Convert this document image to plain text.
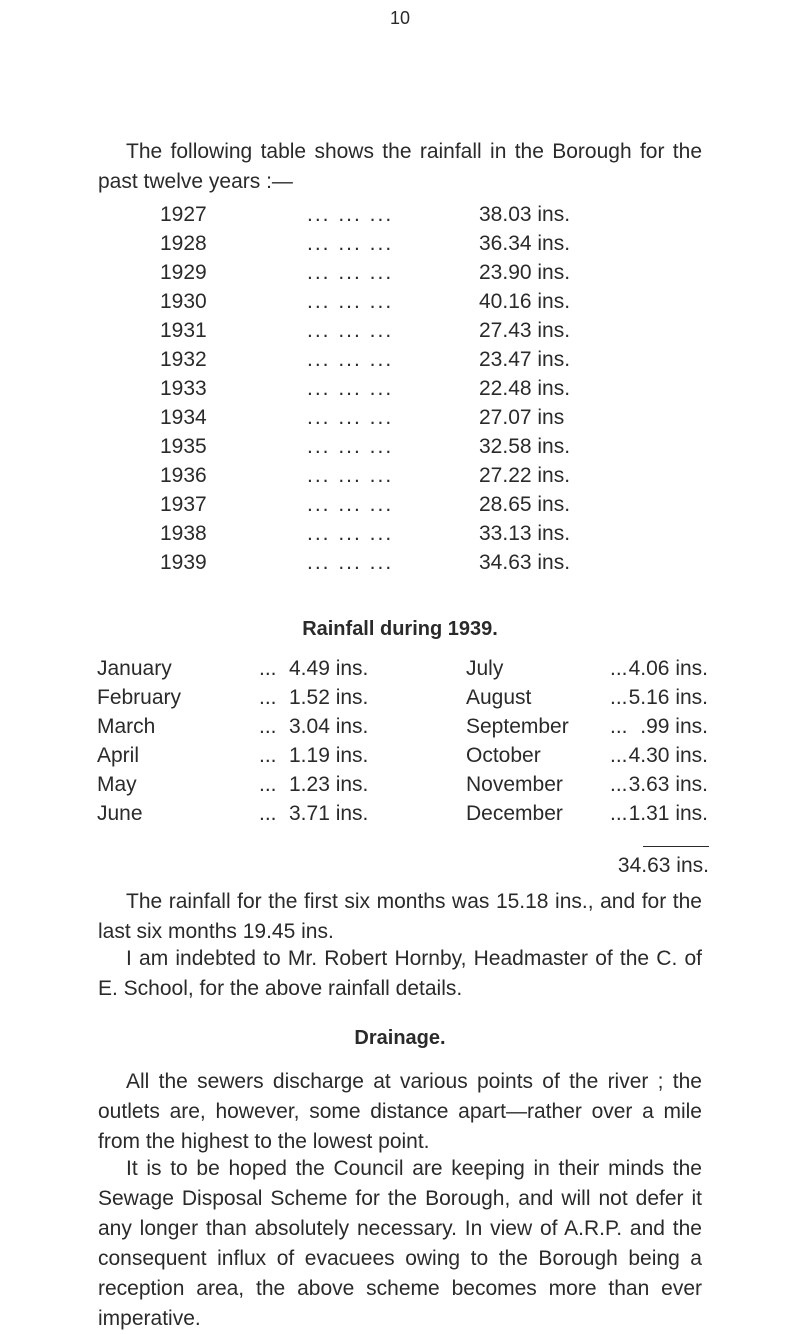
10
The following table shows the rainfall in the Borough for the past twelve years :—
1927	... ... ...	38.03 ins.
1928	... ... ...	36.34 ins.
1929	... ... ...	23.90 ins.
1930	... ... ...	40.16 ins.
1931	... ... ...	27.43 ins.
1932	... ... ...	23.47 ins.
1933	... ... ...	22.48 ins.
1934	... ... ...	27.07 ins
1935	... ... ...	32.58 ins.
1936	... ... ...	27.22 ins.
1937	... ... ...	28.65 ins.
1938	... ... ...	33.13 ins.
1939	... ... ...	34.63 ins.
Rainfall during 1939.
January	... 4.49 ins.	July	... 4.06 ins.
February	... 1.52 ins.	August	... 5.16 ins.
March	... 3.04 ins.	September ... .99 ins.
April	... 1.19 ins.	October	... 4.30 ins.
May	... 1.23 ins.	November ... 3.63 ins.
June	... 3.71 ins.	December ... 1.31 ins.
34.63 ins.
The rainfall for the first six months was 15.18 ins., and for the last six months 19.45 ins.
I am indebted to Mr. Robert Hornby, Headmaster of the C. of E. School, for the above rainfall details.
Drainage.
All the sewers discharge at various points of the river ; the outlets are, however, some distance apart—rather over a mile from the highest to the lowest point.
It is to be hoped the Council are keeping in their minds the Sewage Disposal Scheme for the Borough, and will not defer it any longer than absolutely necessary. In view of A.R.P. and the consequent influx of evacuees owing to the Borough being a reception area, the above scheme becomes more than ever imperative.
